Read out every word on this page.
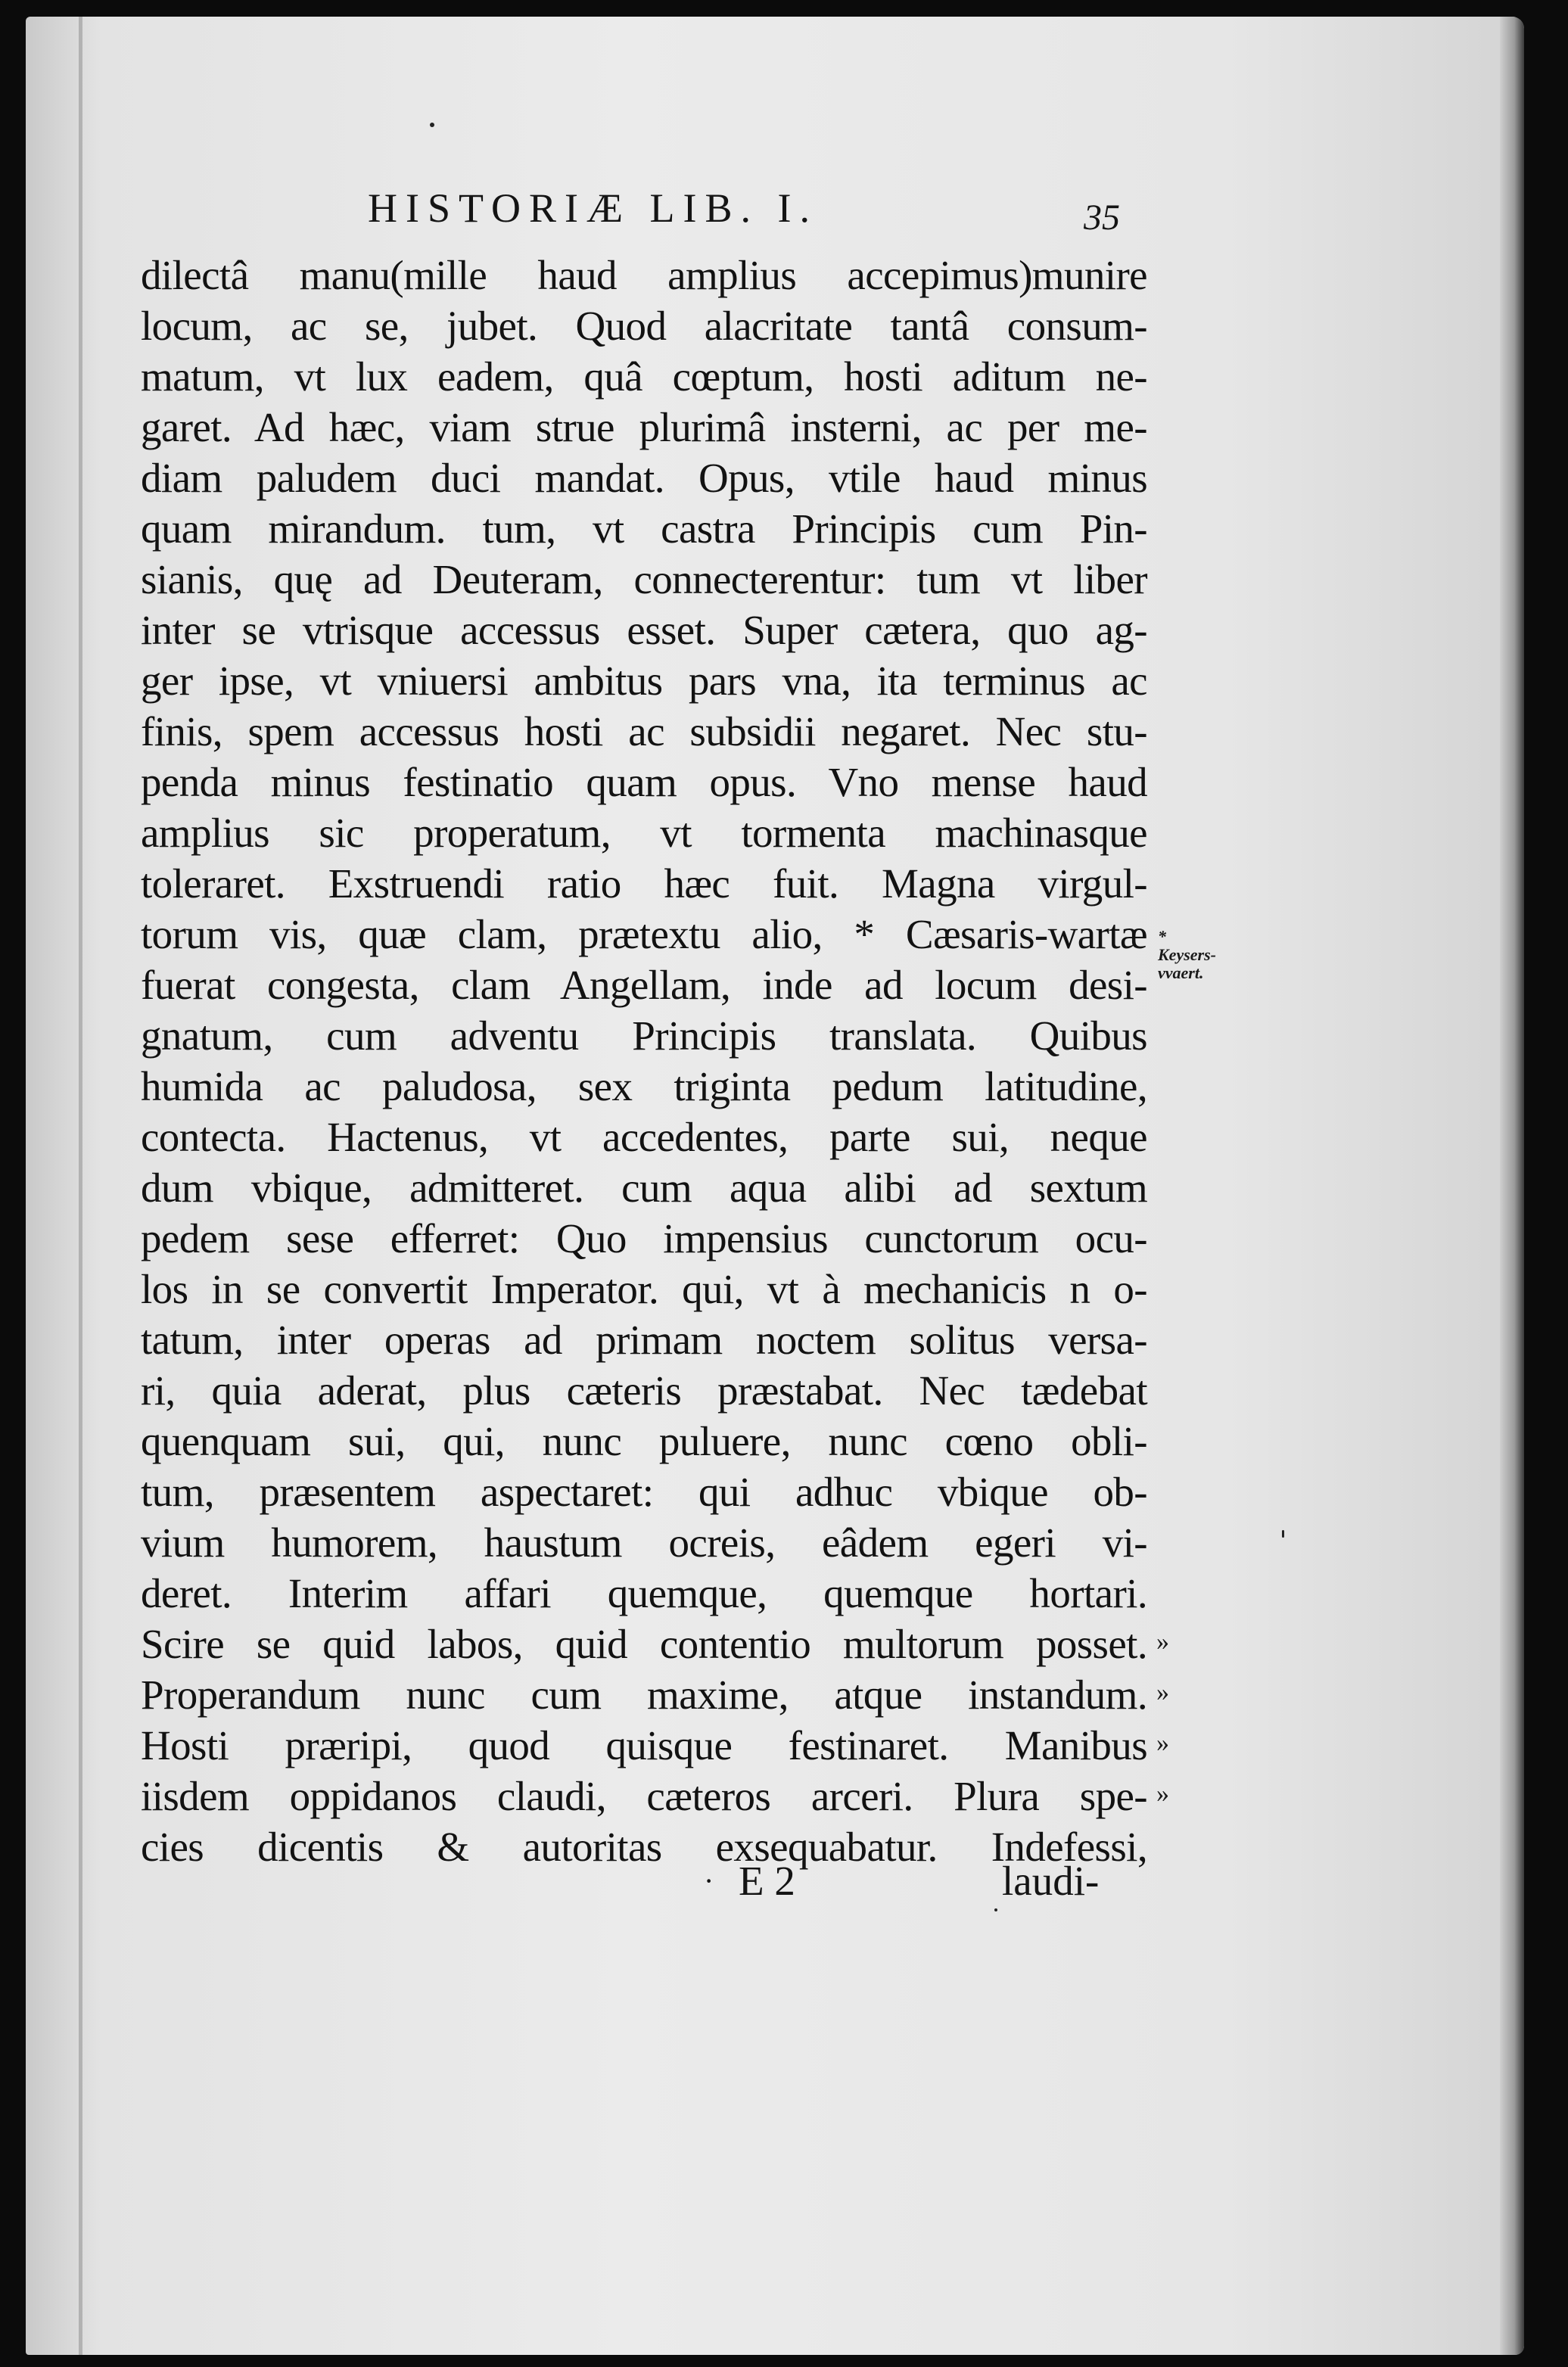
HISTORIÆ LIB. I.	35
dilectâ manu(mille haud amplius accepimus)munire
locum, ac se, jubet. Quod alacritate tantâ consum-
matum, vt lux eadem, quâ cœptum, hosti aditum ne-
garet. Ad hæc, viam strue plurimâ insterni, ac per me-
diam paludem duci mandat. Opus, vtile haud minus
quam mirandum. tum, vt castra Principis cum Pin-
sianis, quę ad Deuteram, connecterentur: tum vt liber
inter se vtrisque accessus esset. Super cætera, quo ag-
ger ipse, vt vniuersi ambitus pars vna, ita terminus ac
finis, spem accessus hosti ac subsidii negaret. Nec stu-
penda minus festinatio quam opus. Vno mense haud
amplius sic properatum, vt tormenta machinasque
toleraret. Exstruendi ratio hæc fuit. Magna virgul-
torum vis, quæ clam, prætextu alio, * Cæsaris-wartæ
fuerat congesta, clam Angellam, inde ad locum desi-
gnatum, cum adventu Principis translata. Quibus
humida ac paludosa, sex triginta pedum latitudine,
contecta. Hactenus, vt accedentes, parte sui, neque
dum vbique, admitteret. cum aqua alibi ad sextum
pedem sese efferret: Quo impensius cunctorum ocu-
los in se convertit Imperator. qui, vt à mechanicis n o-
tatum, inter operas ad primam noctem solitus versa-
ri, quia aderat, plus cæteris præstabat. Nec tædebat
quenquam sui, qui, nunc puluere, nunc cœno obli-
tum, præsentem aspectaret: qui adhuc vbique ob-
vium humorem, haustum ocreis, eâdem egeri vi-
deret. Interim affari quemque, quemque hortari.
Scire se quid labos, quid contentio multorum posset.
Properandum nunc cum maxime, atque instandum.
Hosti præripi, quod quisque festinaret. Manibus
iisdem oppidanos claudi, cæteros arceri. Plura spe-
cies dicentis & autoritas exsequabatur. Indefessi,
* Keysers-vvaert.
»
»
»
»
· E 2	laudi-
